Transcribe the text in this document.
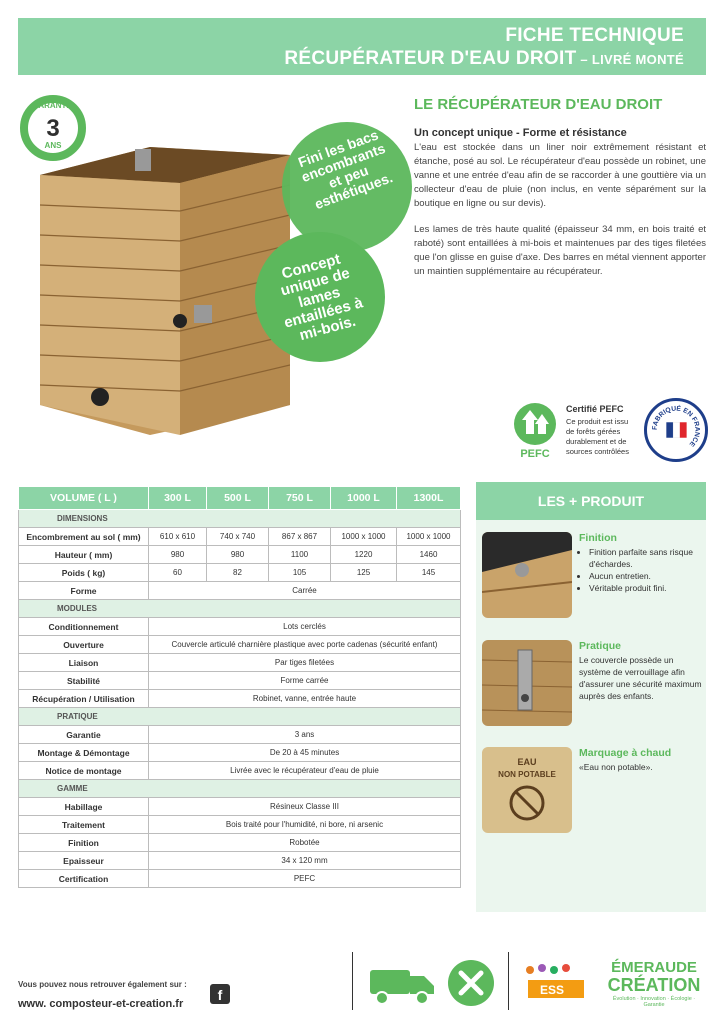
FICHE TECHNIQUE
RÉCUPÉRATEUR D'EAU DROIT – LIVRÉ MONTÉ
GARANTIE
3
ANS	Fini les bacs encombrants et peu esthétiques.
Concept unique de lames entaillées à mi-bois.
LE RÉCUPÉRATEUR D'EAU DROIT
Un concept unique - Forme et résistance

L'eau est stockée dans un liner noir extrêmement résistant et étanche, posé au sol. Le récupérateur d'eau possède un robinet, une vanne et une entrée d'eau afin de se raccorder à une gouttière via un collecteur d'eau de pluie (non inclus, en vente séparément sur la boutique en ligne ou sur devis).

Les lames de très haute qualité (épaisseur 34 mm, en bois traité et raboté) sont entaillées à mi-bois et maintenues par des tiges filetées que l'on glisse en guise d'axe. Des barres en métal viennent apporter un maintien supplémentaire au récupérateur.

PEFC
Certifié PEFC
Ce produit est issu de forêts gérées durablement et de sources contrôlées
FABRIQUÉ EN FRANCE
VOLUME ( L )	300 L	500 L	750 L	1000 L	1300L
DIMENSIONS					
Encombrement au sol ( mm)	610 x 610	740 x 740	867 x 867	1000 x 1000	1000 x 1000
Hauteur ( mm)	980	980	1100	1220	1460
Poids ( kg)	60	82	105	125	145
Forme	Carrée				
MODULES					
Conditionnement	Lots cerclés				
Ouverture	Couvercle articulé charnière plastique avec porte cadenas (sécurité enfant)				
Liaison	Par tiges filetées				
Stabilité	Forme carrée				
Récupération / Utilisation	Robinet, vanne, entrée haute				
PRATIQUE					
Garantie	3 ans				
Montage & Démontage	De 20 à 45 minutes				
Notice de montage	Livrée avec le récupérateur d'eau de pluie				
GAMME					
Habillage	Résineux Classe III				
Traitement	Bois traité pour l'humidité, ni bore, ni arsenic				
Finition	Robotée				
Epaisseur	34 x 120 mm				
Certification	PEFC				
LES + PRODUIT
Finition
• Finition parfaite sans risque d'échardes.
• Aucun entretien.
• Véritable produit fini.
Pratique
Le couvercle possède un système de verrouillage afin d'assurer une sécurité maximum auprès des enfants.
EAU
NON POTABLE
Marquage à chaud
«Eau non potable».
Vous pouvez nous retrouver également sur :
www. composteur-et-creation.fr
f	ESS
ÉMERAUDE
CRÉATION
Évolution · Innovation · Écologie · Garantie
